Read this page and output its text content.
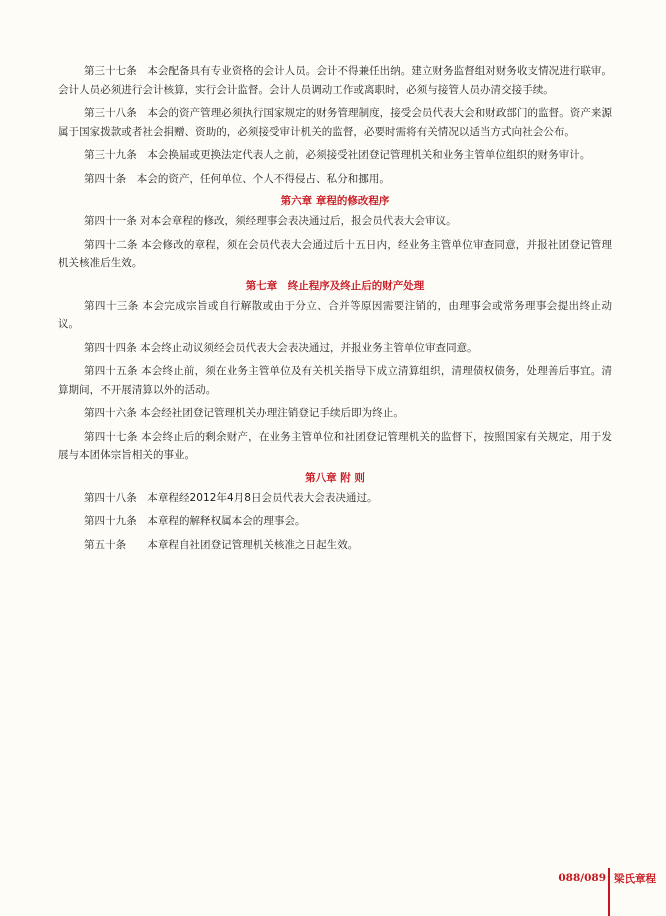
第三十七条　本会配备具有专业资格的会计人员。会计不得兼任出纳。建立财务监督组对财务收支情况进行联审。会计人员必须进行会计核算，实行会计监督。会计人员调动工作或离职时，必须与接管人员办清交接手续。

第三十八条　本会的资产管理必须执行国家规定的财务管理制度，接受会员代表大会和财政部门的监督。资产来源属于国家拨款或者社会捐赠、资助的，必须接受审计机关的监督，必要时需将有关情况以适当方式向社会公布。

第三十九条　本会换届或更换法定代表人之前，必须接受社团登记管理机关和业务主管单位组织的财务审计。

第四十条　本会的资产，任何单位、个人不得侵占、私分和挪用。

第六章 章程的修改程序

第四十一条 对本会章程的修改，须经理事会表决通过后，报会员代表大会审议。

第四十二条 本会修改的章程，须在会员代表大会通过后十五日内，经业务主管单位审查同意，并报社团登记管理机关核准后生效。

第七章　终止程序及终止后的财产处理

第四十三条 本会完成宗旨或自行解散或由于分立、合并等原因需要注销的，由理事会或常务理事会提出终止动议。

第四十四条 本会终止动议须经会员代表大会表决通过，并报业务主管单位审查同意。

第四十五条 本会终止前，须在业务主管单位及有关机关指导下成立清算组织，清理债权债务，处理善后事宜。清算期间，不开展清算以外的活动。

第四十六条 本会经社团登记管理机关办理注销登记手续后即为终止。

第四十七条 本会终止后的剩余财产，在业务主管单位和社团登记管理机关的监督下，按照国家有关规定，用于发展与本团体宗旨相关的事业。

第八章 附 则

第四十八条　本章程经2012年4月8日会员代表大会表决通过。

第四十九条　本章程的解释权属本会的理事会。

第五十条　　本章程自社团登记管理机关核准之日起生效。

088/089 梁氏章程
